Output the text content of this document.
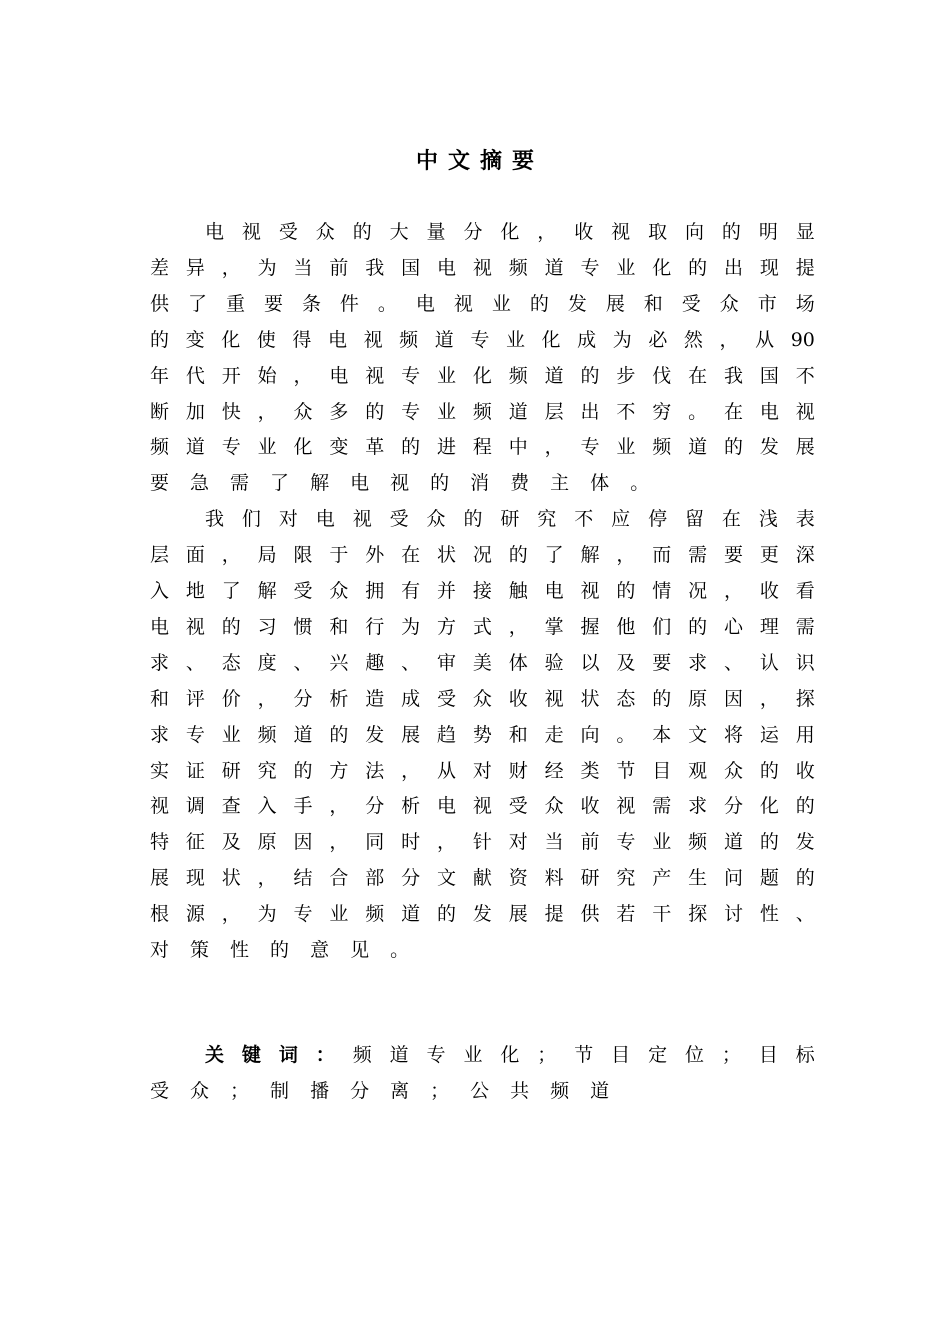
中文摘要
电 视 受 众 的 大 量 分 化 ， 收 视 取 向 的 明 显
差 异 ， 为 当 前 我 国 电 视 频 道 专 业 化 的 出 现 提
供 了 重 要 条 件 。 电 视 业 的 发 展 和 受 众 市 场
的 变 化 使 得 电 视 频 道 专 业 化 成 为 必 然 ， 从 90
年 代 开 始 ， 电 视 专 业 化 频 道 的 步 伐 在 我 国 不
断 加 快 ， 众 多 的 专 业 频 道 层 出 不 穷 。 在 电 视
频 道 专 业 化 变 革 的 进 程 中 ， 专 业 频 道 的 发 展
要 急 需 了 解 电 视 的 消 费 主 体 。
我 们 对 电 视 受 众 的 研 究 不 应 停 留 在 浅 表
层 面 ， 局 限 于 外 在 状 况 的 了 解 ， 而 需 要 更 深
入 地 了 解 受 众 拥 有 并 接 触 电 视 的 情 况 ， 收 看
电 视 的 习 惯 和 行 为 方 式 ， 掌 握 他 们 的 心 理 需
求 、 态 度 、 兴 趣 、 审 美 体 验 以 及 要 求 、 认 识
和 评 价 ， 分 析 造 成 受 众 收 视 状 态 的 原 因 ， 探
求 专 业 频 道 的 发 展 趋 势 和 走 向 。 本 文 将 运 用
实 证 研 究 的 方 法 ， 从 对 财 经 类 节 目 观 众 的 收
视 调 查 入 手 ， 分 析 电 视 受 众 收 视 需 求 分 化 的
特 征 及 原 因 ， 同 时 ， 针 对 当 前 专 业 频 道 的 发
展 现 状 ， 结 合 部 分 文 献 资 料 研 究 产 生 问 题 的
根 源 ， 为 专 业 频 道 的 发 展 提 供 若 干 探 讨 性 、
对 策 性 的 意 见 。
关 键 词 ： 频 道 专 业 化 ； 节 目 定 位 ； 目 标
受 众 ； 制 播 分 离 ； 公 共 频 道
